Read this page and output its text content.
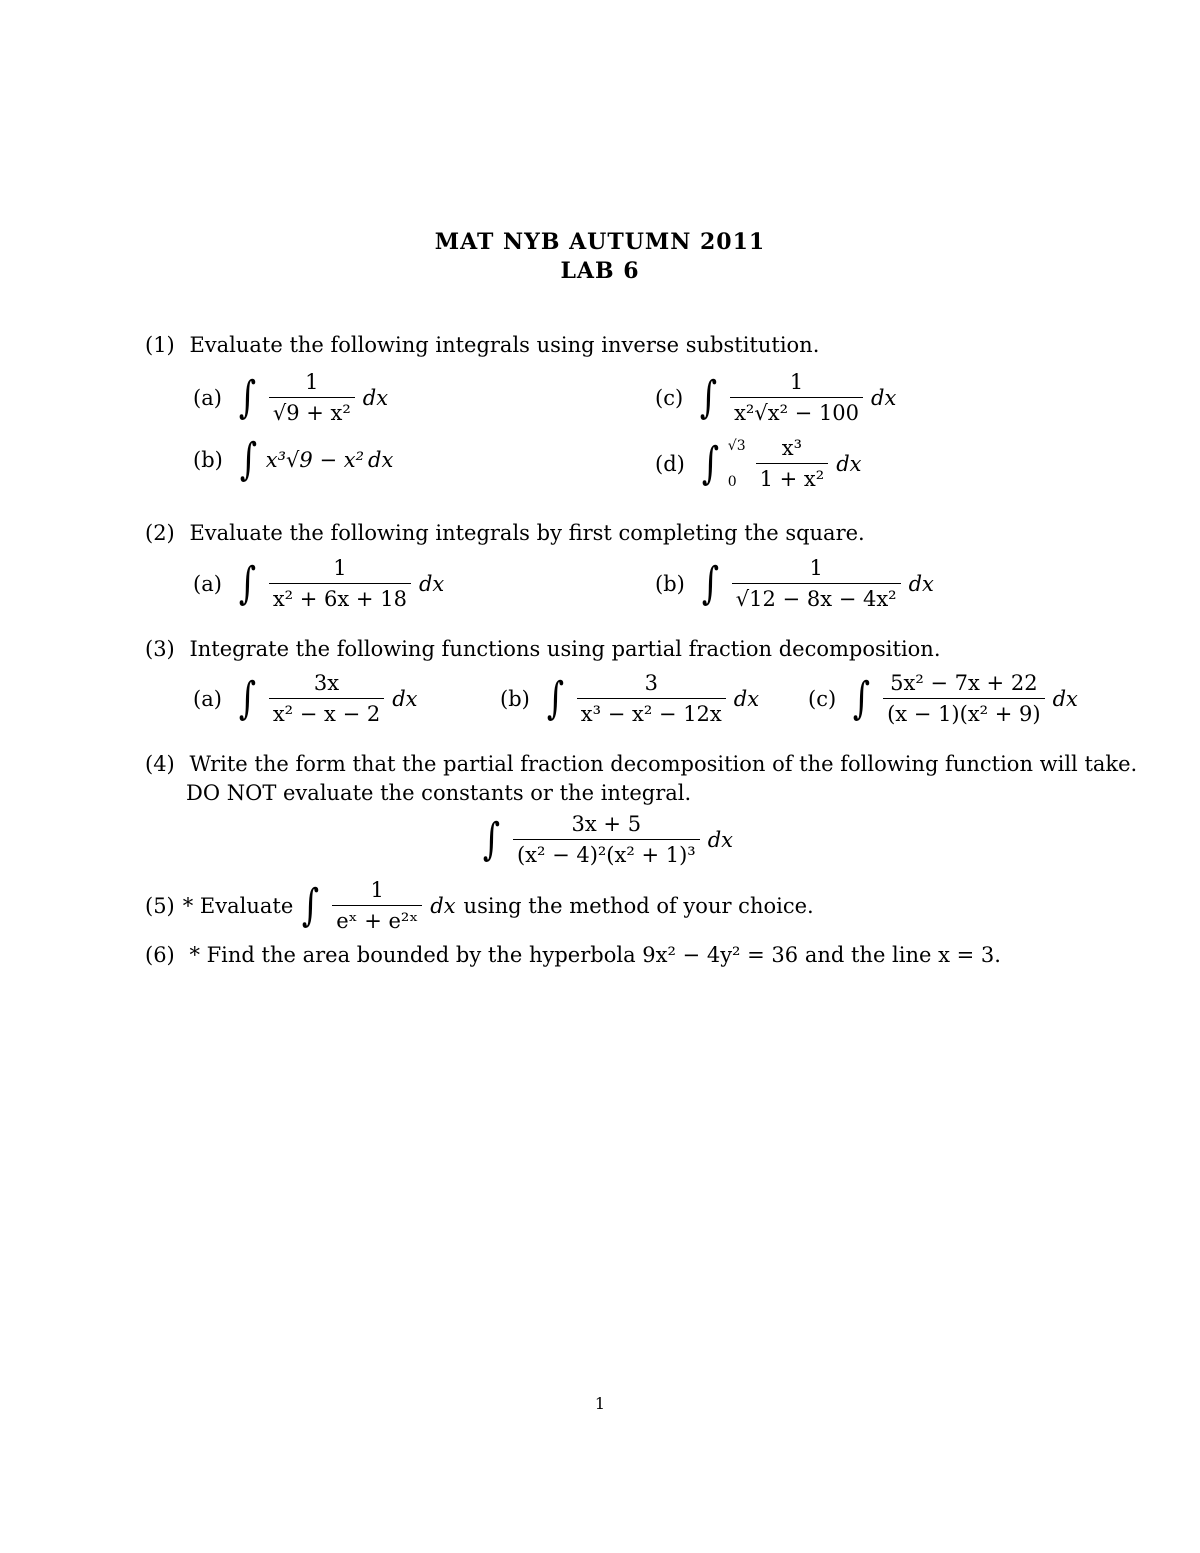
MAT NYB AUTUMN 2011
LAB 6
(1) Evaluate the following integrals using inverse substitution.
(a) ∫ $\frac{1}{\text{√9 + x²}}$ dx
(b) ∫ x³√9 − x² dx
(c) ∫ $\frac{1}{\text{x²√x² − 100}}$ dx
(d) ∫ √3
$0 \frac{\text{x³}}{\text{1 + x²}}$ dx
(2) Evaluate the following integrals by first completing the square.
(a) ∫ $\frac{1}{\text{x² + 6x + 18}}$ dx	(b) ∫ $\frac{1}{\text{√12 − 8x − 4x²}}$ dx
(3) Integrate the following functions using partial fraction decomposition.
(a) ∫ $\frac{3x}{\text{x² − x − 2}}$ dx	(b) ∫ $\frac{3}{\text{x³ − x² − 12x}}$ dx (c) ∫ $\frac{\text{5x² − 7x + 22}}{\text{(x − 1)(x² + 9)}}$ dx
(4) Write the form that the partial fraction decomposition of the following function will take.
DO NOT evaluate the constants or the integral.
∫ $\frac{3x + 5}{\text{(x² − 4)²(x² + 1)³}}$ dx
(5) * Evaluate ∫ $\frac{1}{\text{eˣ + e²ˣ}}$ dx using the method of your choice.
(6) * Find the area bounded by the hyperbola 9x² − 4y² = 36 and the line x = 3.
1
